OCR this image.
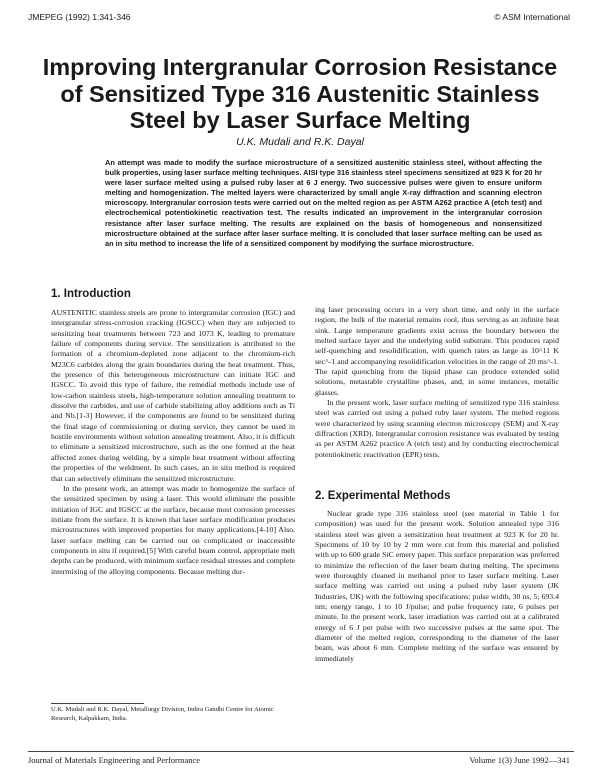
JMEPEG (1992) 1:341-346	© ASM International
Improving Intergranular Corrosion Resistance of Sensitized Type 316 Austenitic Stainless Steel by Laser Surface Melting
U.K. Mudali and R.K. Dayal
An attempt was made to modify the surface microstructure of a sensitized austenitic stainless steel, without affecting the bulk properties, using laser surface melting techniques. AISI type 316 stainless steel specimens sensitized at 923 K for 20 hr were laser surface melted using a pulsed ruby laser at 6 J energy. Two successive pulses were given to ensure uniform melting and homogenization. The melted layers were characterized by small angle X-ray diffraction and scanning electron microscopy. Intergranular corrosion tests were carried out on the melted region as per ASTM A262 practice A (etch test) and electrochemical potentiokinetic reactivation test. The results indicated an improvement in the intergranular corrosion resistance after laser surface melting. The results are explained on the basis of homogeneous and nonsensitized microstructure obtained at the surface after laser surface melting. It is concluded that laser surface melting can be used as an in situ method to increase the life of a sensitized component by modifying the surface microstructure.
1. Introduction

AUSTENITIC stainless steels are prone to intergranular corrosion (IGC) and intergranular stress-corrosion cracking (IGSCC) when they are subjected to sensitizing heat treatments between 723 and 1073 K, leading to premature failure of components during service. The sensitization is attributed to the formation of a chromium-depleted zone adjacent to the chromium-rich M23C6 carbides along the grain boundaries during the heat treatment. Thus, the presence of this heterogeneous microstructure can initiate IGC and IGSCC. To avoid this type of failure, the remedial methods include use of low-carbon stainless steels, high-temperature solution annealing treatment to dissolve the carbides, and use of carbide stabilizing alloy additions such as Ti and Nb.[1-3] However, if the components are found to be sensitized during the final stage of commissioning or during service, they cannot be used in hostile environments without solution annealing treatment. Also, it is difficult to eliminate a sensitized microstructure, such as the one formed at the heat affected zones during welding, by a simple heat treatment without affecting the properties of the weldment. In such cases, an in situ method is required that can selectively eliminate the sensitized microstructure.

In the present work, an attempt was made to homogenize the surface of the sensitized specimen by using a laser. This would eliminate the possible initiation of IGC and IGSCC at the surface, because most corrosion processes initiate from the surface. It is known that laser surface modification produces microstructures with improved properties for many applications.[4-10] Also, laser surface melting can be carried out on complicated or inaccessible components in situ if required.[5] With careful beam control, appropriate melt depths can be produced, with minimum surface residual stresses and complete intermixing of the alloying components. Because melting dur-

U.K. Mudali and R.K. Dayal, Metallurgy Division, Indira Gandhi Centre for Atomic Research, Kalpakkam, India.

ing laser processing occurs in a very short time, and only in the surface region, the bulk of the material remains cool, thus serving as an infinite heat sink. Large temperature gradients exist across the boundary between the melted surface layer and the underlying solid substrate. This produces rapid self-quenching and resolidification, with quench rates as large as 10^11 K sec^-1 and accompanying resolidification velocities in the range of 20 ms^-1. The rapid quenching from the liquid phase can produce extended solid solutions, metastable crystalline phases, and, in some instances, metallic glasses.

In the present work, laser surface melting of sensitized type 316 stainless steel was carried out using a pulsed ruby laser system. The melted regions were characterized by using scanning electron microscopy (SEM) and X-ray diffraction (XRD). Intergranular corrosion resistance was evaluated by testing as per ASTM A262 practice A (etch test) and by conducting electrochemical potentiokinetic reactivation (EPR) tests.

2. Experimental Methods

Nuclear grade type 316 stainless steel (see material in Table 1 for composition) was used for the present work. Solution annealed type 316 stainless steel was given a sensitization heat treatment at 923 K for 20 hr. Specimens of 10 by 10 by 2 mm were cut from this material and polished with up to 600 grade SiC emery paper. This surface preparation was preferred to minimize the reflection of the laser beam during melting. The specimens were thoroughly cleaned in methanol prior to laser surface melting. Laser surface melting was carried out using a pulsed ruby laser system (JK Industries, UK) with the following specifications: pulse width, 30 ns, 5; 693.4 nm; energy range, 1 to 10 J/pulse; and pulse frequency rate, 6 pulses per minute. In the present work, laser irradiation was carried out at a calibrated energy of 6 J per pulse with two successive pulses at the same spot. The diameter of the melted region, corresponding to the diameter of the laser beam, was about 6 mm. Complete melting of the surface was ensured by immediately

Journal of Materials Engineering and Performance	Volume 1(3) June 1992—341
